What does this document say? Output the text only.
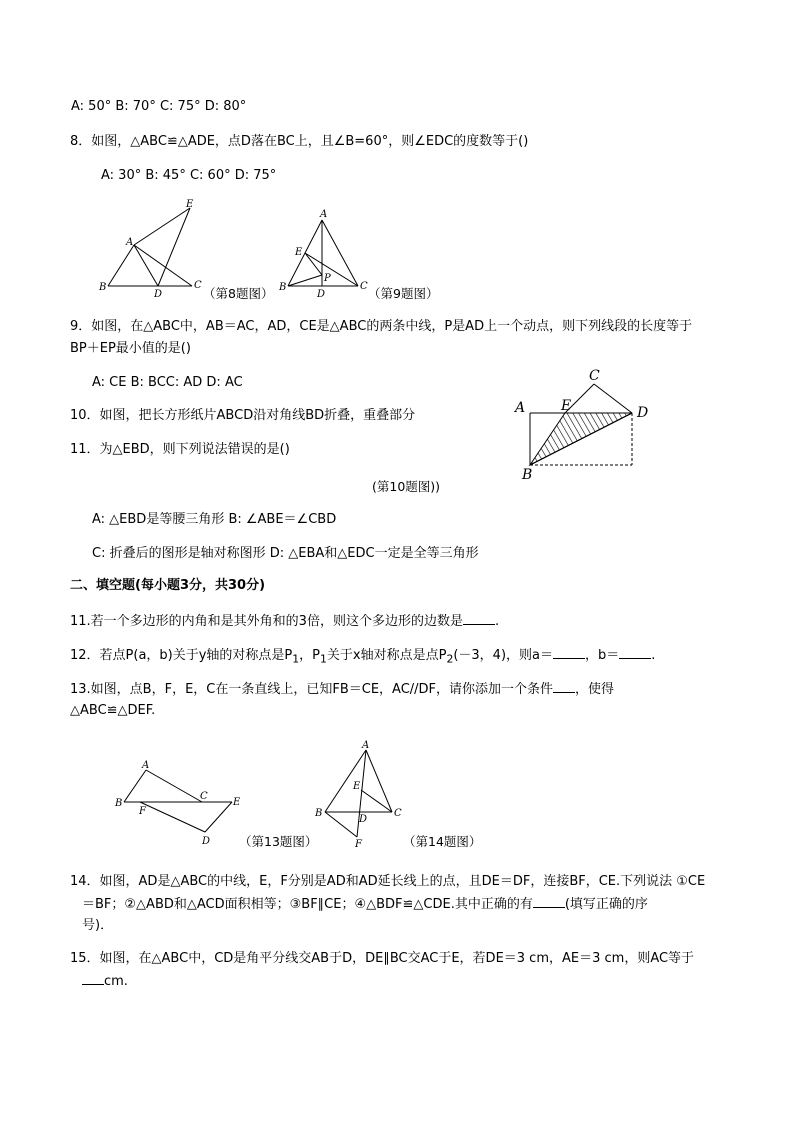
A: 50° B: 70° C: 75° D: 80°
8．如图，△ABC≌△ADE，点D落在BC上，且∠B=60°，则∠EDC的度数等于()
A: 30° B: 45° C: 60° D: 75°
E
A
B
D
C
（第8题图）
A
E
P
B
D
C （第9题图）
9．如图，在△ABC中，AB＝AC，AD，CE是△ABC的两条中线，P是AD上一个动点，则下列线段的长度等于
BP＋EP最小值的是()
A: CE B: BCC: AD D: AC
10．如图，把长方形纸片ABCD沿对角线BD折叠，重叠部分
11．为△EBD，则下列说法错误的是()
C
A	E	D
B
(第10题图))
A: △EBD是等腰三角形 B: ∠ABE＝∠CBD
C: 折叠后的图形是轴对称图形 D: △EBA和△EDC一定是全等三角形
二、填空题(每小题3分，共30分)
11.若一个多边形的内角和是其外角和的3倍，则这个多边形的边数是 .
12．若点P(a，b)关于y轴的对称点是$P_1$，$P_1$关于x轴对称点是点$P_2(-3$，4)，则a＝ ，b＝ .
13.如图，点B，F，E，C在一条直线上，已知FB＝CE，AC//DF，请你添加一个条件 ，使得
△ABC≌△DEF.
A
B
F
C
E
D （第13题图）
A
E
B
D
C
F	（第14题图）
14．如图，AD是△ABC的中线，E，F分别是AD和AD延长线上的点，且DE＝DF，连接BF，CE.下列说法 ①CE
＝BF；②△ABD和△ACD面积相等；③BF∥CE；④△BDF≌△CDE.其中正确的有 (填写正确的序
号)．
15．如图，在△ABC中，CD是角平分线交AB于D，DE∥BC交AC于E，若DE＝3 cm，AE＝3 cm，则AC等于
cm.
